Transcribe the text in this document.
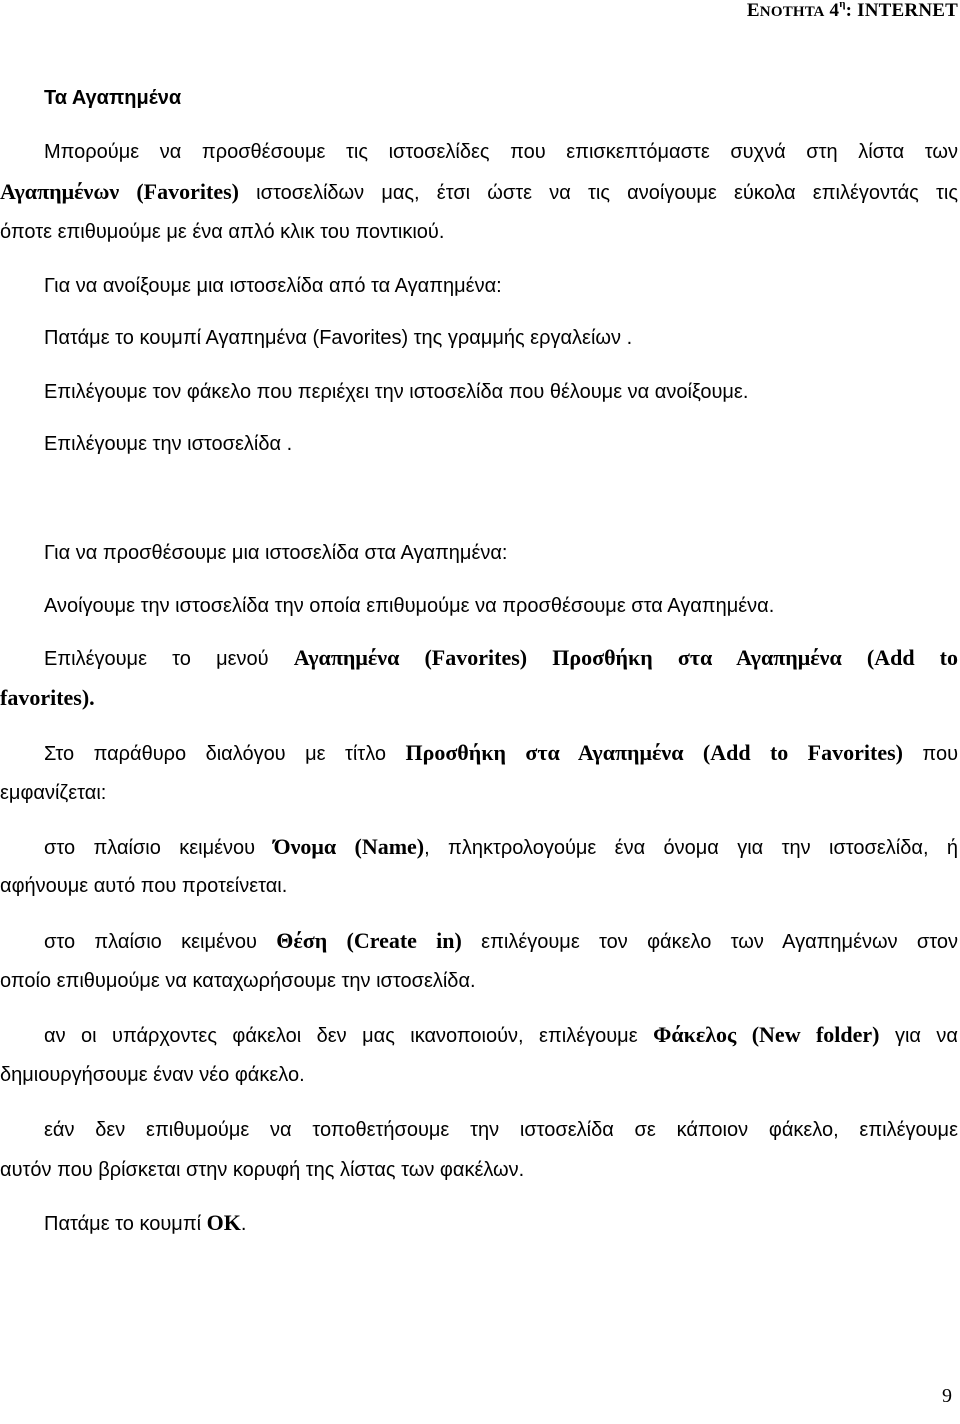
ΕΝΟΤΗΤΑ $4^\eta$: INTERNET
Τα Αγαπημένα
Μπορούμε να προσθέσουμε τις ιστοσελίδες που επισκεπτόμαστε συχνά στη λίστα των
Αγαπημένων (Favorites) ιστοσελίδων μας, έτσι ώστε να τις ανοίγουμε εύκολα επιλέγοντάς τις
όποτε επιθυμούμε με ένα απλό κλικ του ποντικιού.
Για να ανοίξουμε μια ιστοσελίδα από τα Αγαπημένα:
Πατάμε το κουμπί Αγαπημένα (Favorites) της γραμμής εργαλείων .
Επιλέγουμε τον φάκελο που περιέχει την ιστοσελίδα που θέλουμε να ανοίξουμε.
Επιλέγουμε την ιστοσελίδα .
Για να προσθέσουμε μια ιστοσελίδα στα Αγαπημένα:
Ανοίγουμε την ιστοσελίδα την οποία επιθυμούμε να προσθέσουμε στα Αγαπημένα.
Επιλέγουμε το μενού Αγαπημένα (Favorites) Προσθήκη στα Αγαπημένα (Add to
favorites).
Στο παράθυρο διαλόγου με τίτλο Προσθήκη στα Αγαπημένα (Add to Favorites) που
εμφανίζεται:
στο πλαίσιο κειμένου Όνομα (Name), πληκτρολογούμε ένα όνομα για την ιστοσελίδα, ή
αφήνουμε αυτό που προτείνεται.
στο πλαίσιο κειμένου Θέση (Create in) επιλέγουμε τον φάκελο των Αγαπημένων στον
οποίο επιθυμούμε να καταχωρήσουμε την ιστοσελίδα.
αν οι υπάρχοντες φάκελοι δεν μας ικανοποιούν, επιλέγουμε Φάκελος (New folder) για να
δημιουργήσουμε έναν νέο φάκελο.
εάν δεν επιθυμούμε να τοποθετήσουμε την ιστοσελίδα σε κάποιον φάκελο, επιλέγουμε
αυτόν που βρίσκεται στην κορυφή της λίστας των φακέλων.
Πατάμε το κουμπί OK.
9
